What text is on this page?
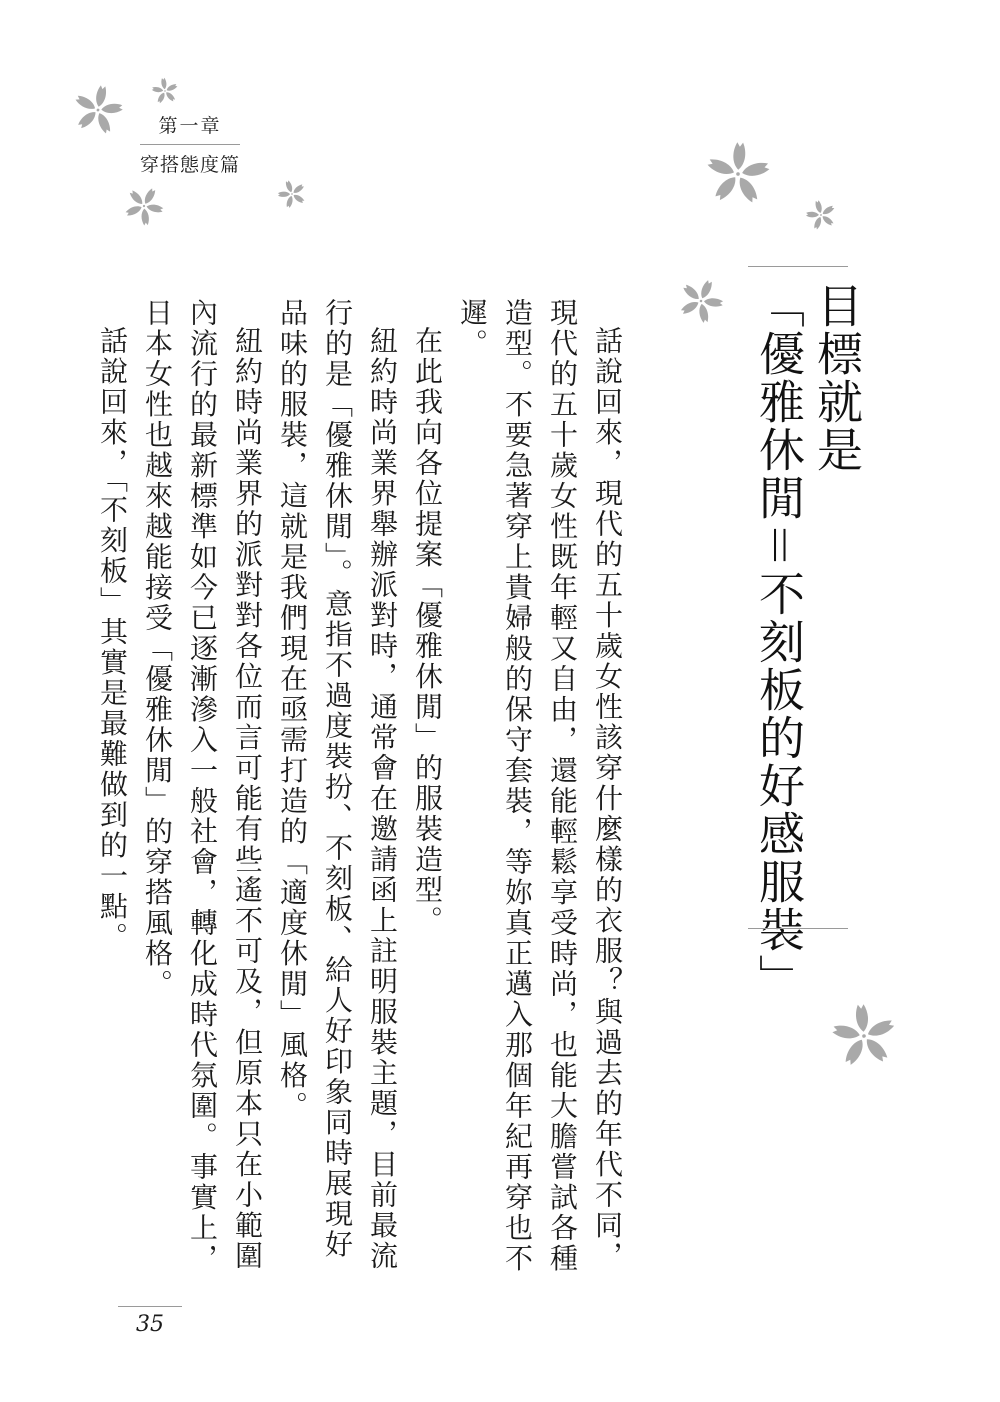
第一章
穿搭態度篇
目標就是
「優雅休閒＝不刻板的好感服裝」

話說回來，現代的五十歲女性該穿什麼樣的衣服？與過去的年代不同，現代的五十歲女性既年輕又自由，還能輕鬆享受時尚，也能大膽嘗試各種造型。不要急著穿上貴婦般的保守套裝，等妳真正邁入那個年紀再穿也不遲。

在此我向各位提案「優雅休閒」的服裝造型。

紐約時尚業界舉辦派對時，通常會在邀請函上註明服裝主題，目前最流行的是「優雅休閒」。意指不過度裝扮、不刻板、給人好印象同時展現好品味的服裝，這就是我們現在亟需打造的「適度休閒」風格。

紐約時尚業界的派對對各位而言可能有些遙不可及，但原本只在小範圍內流行的最新標準如今已逐漸滲入一般社會，轉化成時代氛圍。事實上，日本女性也越來越能接受「優雅休閒」的穿搭風格。

話說回來，「不刻板」其實是最難做到的一點。

35
